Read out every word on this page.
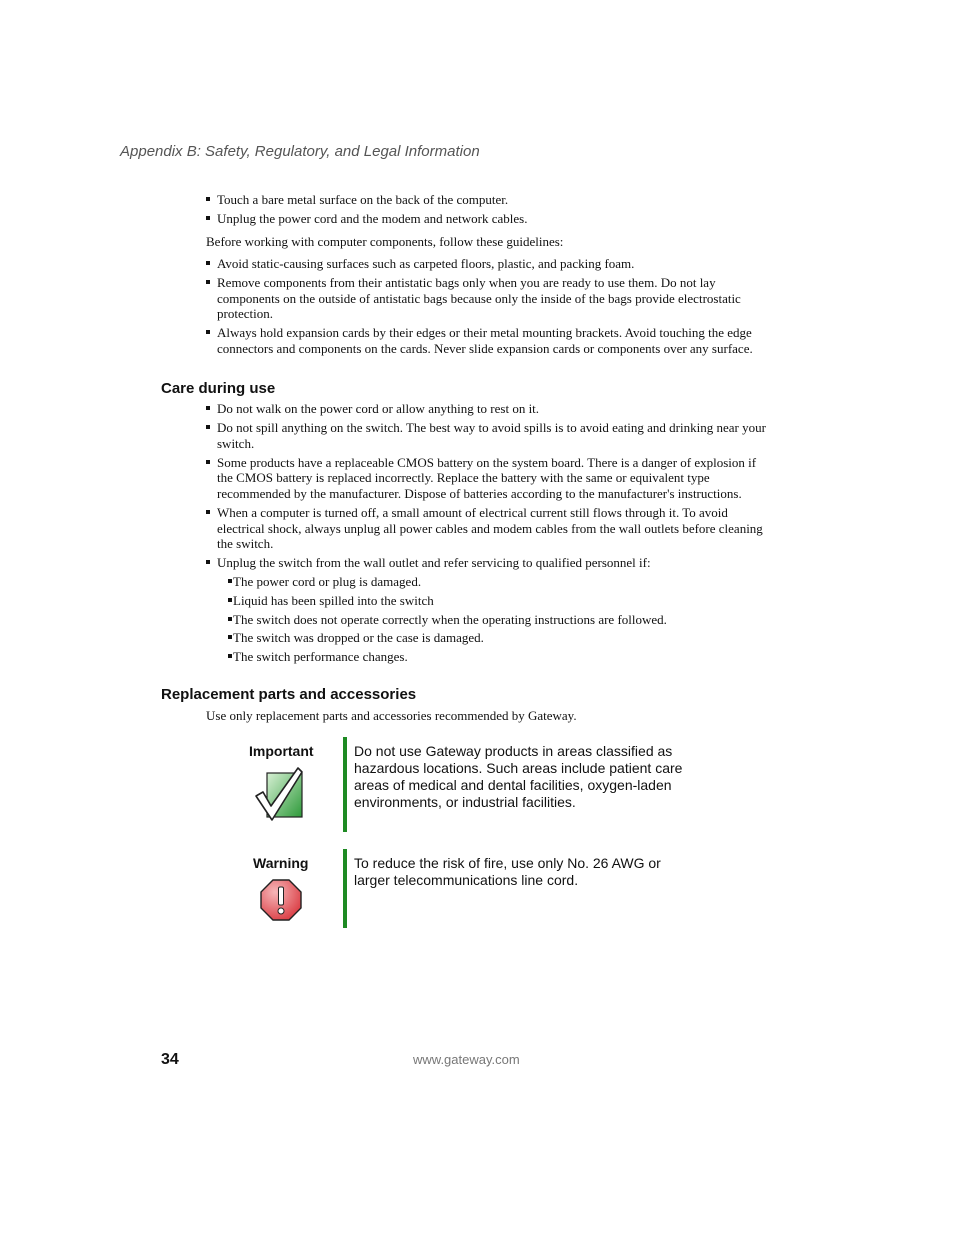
Appendix B: Safety, Regulatory, and Legal Information
Touch a bare metal surface on the back of the computer.
Unplug the power cord and the modem and network cables.
Before working with computer components, follow these guidelines:
Avoid static-causing surfaces such as carpeted floors, plastic, and packing foam.
Remove components from their antistatic bags only when you are ready to use them. Do not lay components on the outside of antistatic bags because only the inside of the bags provide electrostatic protection.
Always hold expansion cards by their edges or their metal mounting brackets. Avoid touching the edge connectors and components on the cards. Never slide expansion cards or components over any surface.
Care during use
Do not walk on the power cord or allow anything to rest on it.
Do not spill anything on the switch. The best way to avoid spills is to avoid eating and drinking near your switch.
Some products have a replaceable CMOS battery on the system board. There is a danger of explosion if the CMOS battery is replaced incorrectly. Replace the battery with the same or equivalent type recommended by the manufacturer. Dispose of batteries according to the manufacturer's instructions.
When a computer is turned off, a small amount of electrical current still flows through it. To avoid electrical shock, always unplug all power cables and modem cables from the wall outlets before cleaning the switch.
Unplug the switch from the wall outlet and refer servicing to qualified personnel if:
The power cord or plug is damaged.
Liquid has been spilled into the switch
The switch does not operate correctly when the operating instructions are followed.
The switch was dropped or the case is damaged.
The switch performance changes.
Replacement parts and accessories
Use only replacement parts and accessories recommended by Gateway.
Important	Do not use Gateway products in areas classified as hazardous locations. Such areas include patient care areas of medical and dental facilities, oxygen-laden environments, or industrial facilities.
Warning	To reduce the risk of fire, use only No. 26 AWG or larger telecommunications line cord.
34	www.gateway.com
